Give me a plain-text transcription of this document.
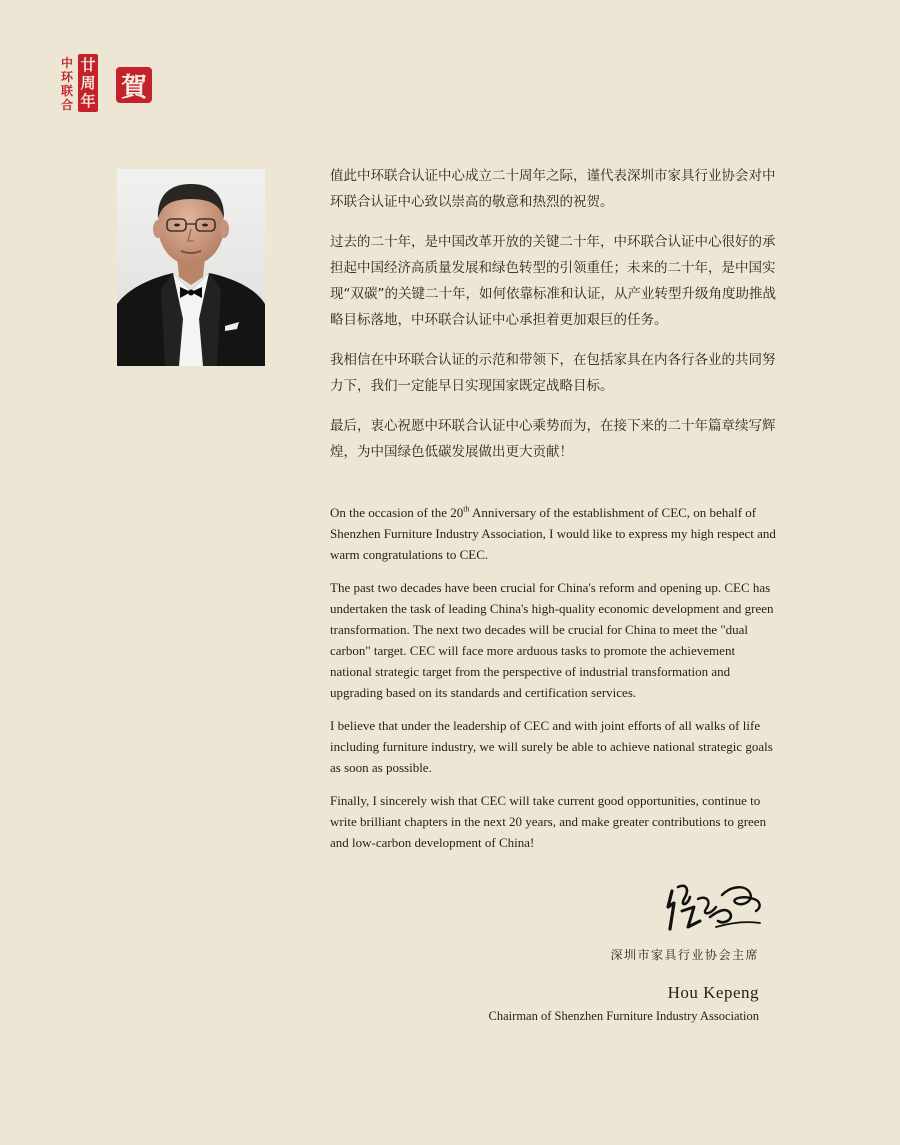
中环联合
廿
周
年 賀

值此中环联合认证中心成立二十周年之际，谨代表深圳市家具行业协会对中环联合认证中心致以崇高的敬意和热烈的祝贺。

过去的二十年，是中国改革开放的关键二十年，中环联合认证中心很好的承担起中国经济高质量发展和绿色转型的引领重任；未来的二十年，是中国实现“双碳”的关键二十年，如何依靠标准和认证，从产业转型升级角度助推战略目标落地，中环联合认证中心承担着更加艰巨的任务。

我相信在中环联合认证的示范和带领下，在包括家具在内各行各业的共同努力下，我们一定能早日实现国家既定战略目标。

最后，衷心祝愿中环联合认证中心乘势而为，在接下来的二十年篇章续写辉煌，为中国绿色低碳发展做出更大贡献！

On the occasion of the 20th Anniversary of the establishment of CEC, on behalf of Shenzhen Furniture Industry Association, I would like to express my high respect and warm congratulations to CEC.

The past two decades have been crucial for China's reform and opening up. CEC has undertaken the task of leading China's high-quality economic development and green transformation. The next two decades will be crucial for China to meet the "dual carbon" target. CEC will face more arduous tasks to promote the achievement national strategic target from the perspective of industrial transformation and upgrading based on its standards and certification services.

I believe that under the leadership of CEC and with joint efforts of all walks of life including furniture industry, we will surely be able to achieve national strategic goals as soon as possible.

Finally, I sincerely wish that CEC will take current good opportunities, continue to write brilliant chapters in the next 20 years, and make greater contributions to green and low-carbon development of China!

深圳市家具行业协会主席
Hou Kepeng
Chairman of Shenzhen Furniture Industry Association
